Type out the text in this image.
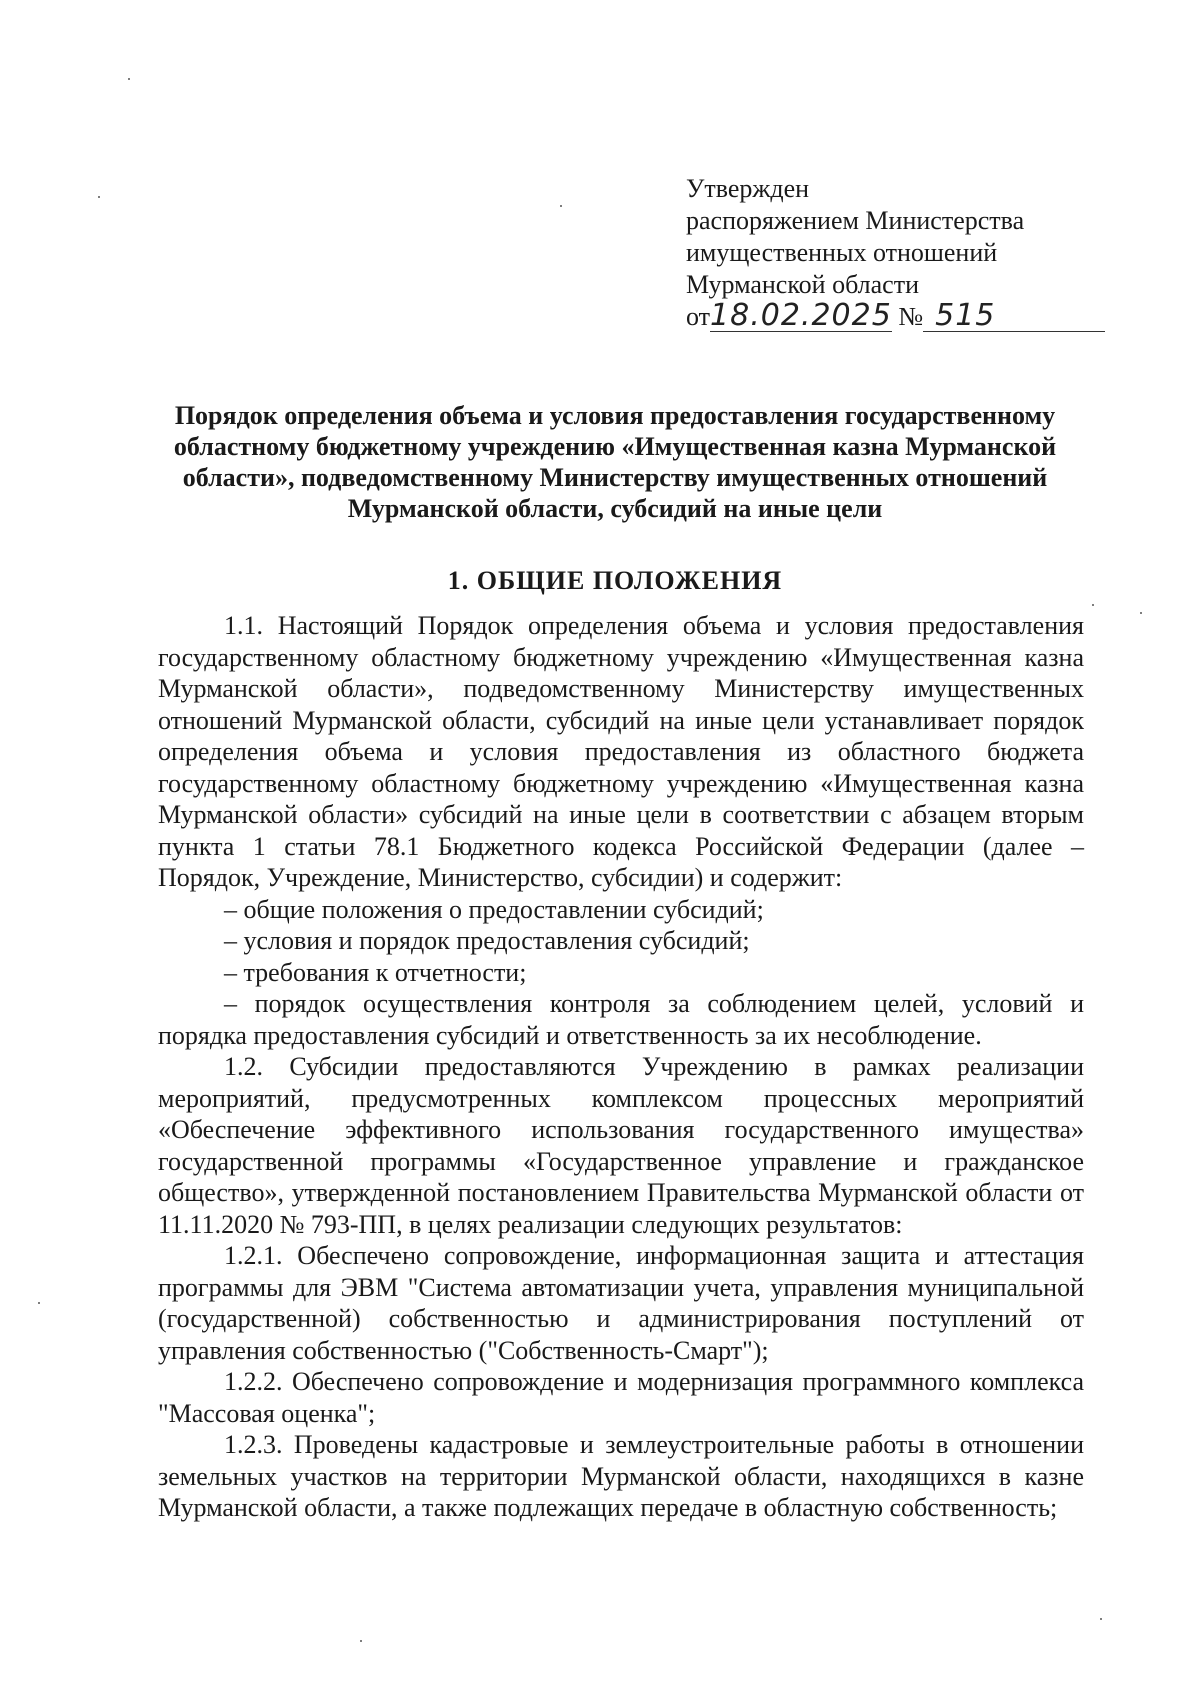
Утвержден
распоряжением Министерства
имущественных отношений
Мурманской области
от18.02.2025 № 515
Порядок определения объема и условия предоставления государственному
областному бюджетному учреждению «Имущественная казна Мурманской
области», подведомственному Министерству имущественных отношений
Мурманской области, субсидий на иные цели
1. ОБЩИЕ ПОЛОЖЕНИЯ

1.1. Настоящий Порядок определения объема и условия предоставления государственному областному бюджетному учреждению «Имущественная казна Мурманской области», подведомственному Министерству имущественных отношений Мурманской области, субсидий на иные цели устанавливает порядок определения объема и условия предоставления из областного бюджета государственному областному бюджетному учреждению «Имущественная казна Мурманской области» субсидий на иные цели в соответствии с абзацем вторым пункта 1 статьи 78.1 Бюджетного кодекса Российской Федерации (далее – Порядок, Учреждение, Министерство, субсидии) и содержит:

– общие положения о предоставлении субсидий;

– условия и порядок предоставления субсидий;

– требования к отчетности;

– порядок осуществления контроля за соблюдением целей, условий и порядка предоставления субсидий и ответственность за их несоблюдение.

1.2. Субсидии предоставляются Учреждению в рамках реализации мероприятий, предусмотренных комплексом процессных мероприятий «Обеспечение эффективного использования государственного имущества» государственной программы «Государственное управление и гражданское общество», утвержденной постановлением Правительства Мурманской области от 11.11.2020 № 793-ПП, в целях реализации следующих результатов:

1.2.1. Обеспечено сопровождение, информационная защита и аттестация программы для ЭВМ "Система автоматизации учета, управления муниципальной (государственной) собственностью и администрирования поступлений от управления собственностью ("Собственность-Смарт");

1.2.2. Обеспечено сопровождение и модернизация программного комплекса "Массовая оценка";

1.2.3. Проведены кадастровые и землеустроительные работы в отношении земельных участков на территории Мурманской области, находящихся в казне Мурманской области, а также подлежащих передаче в областную собственность;
